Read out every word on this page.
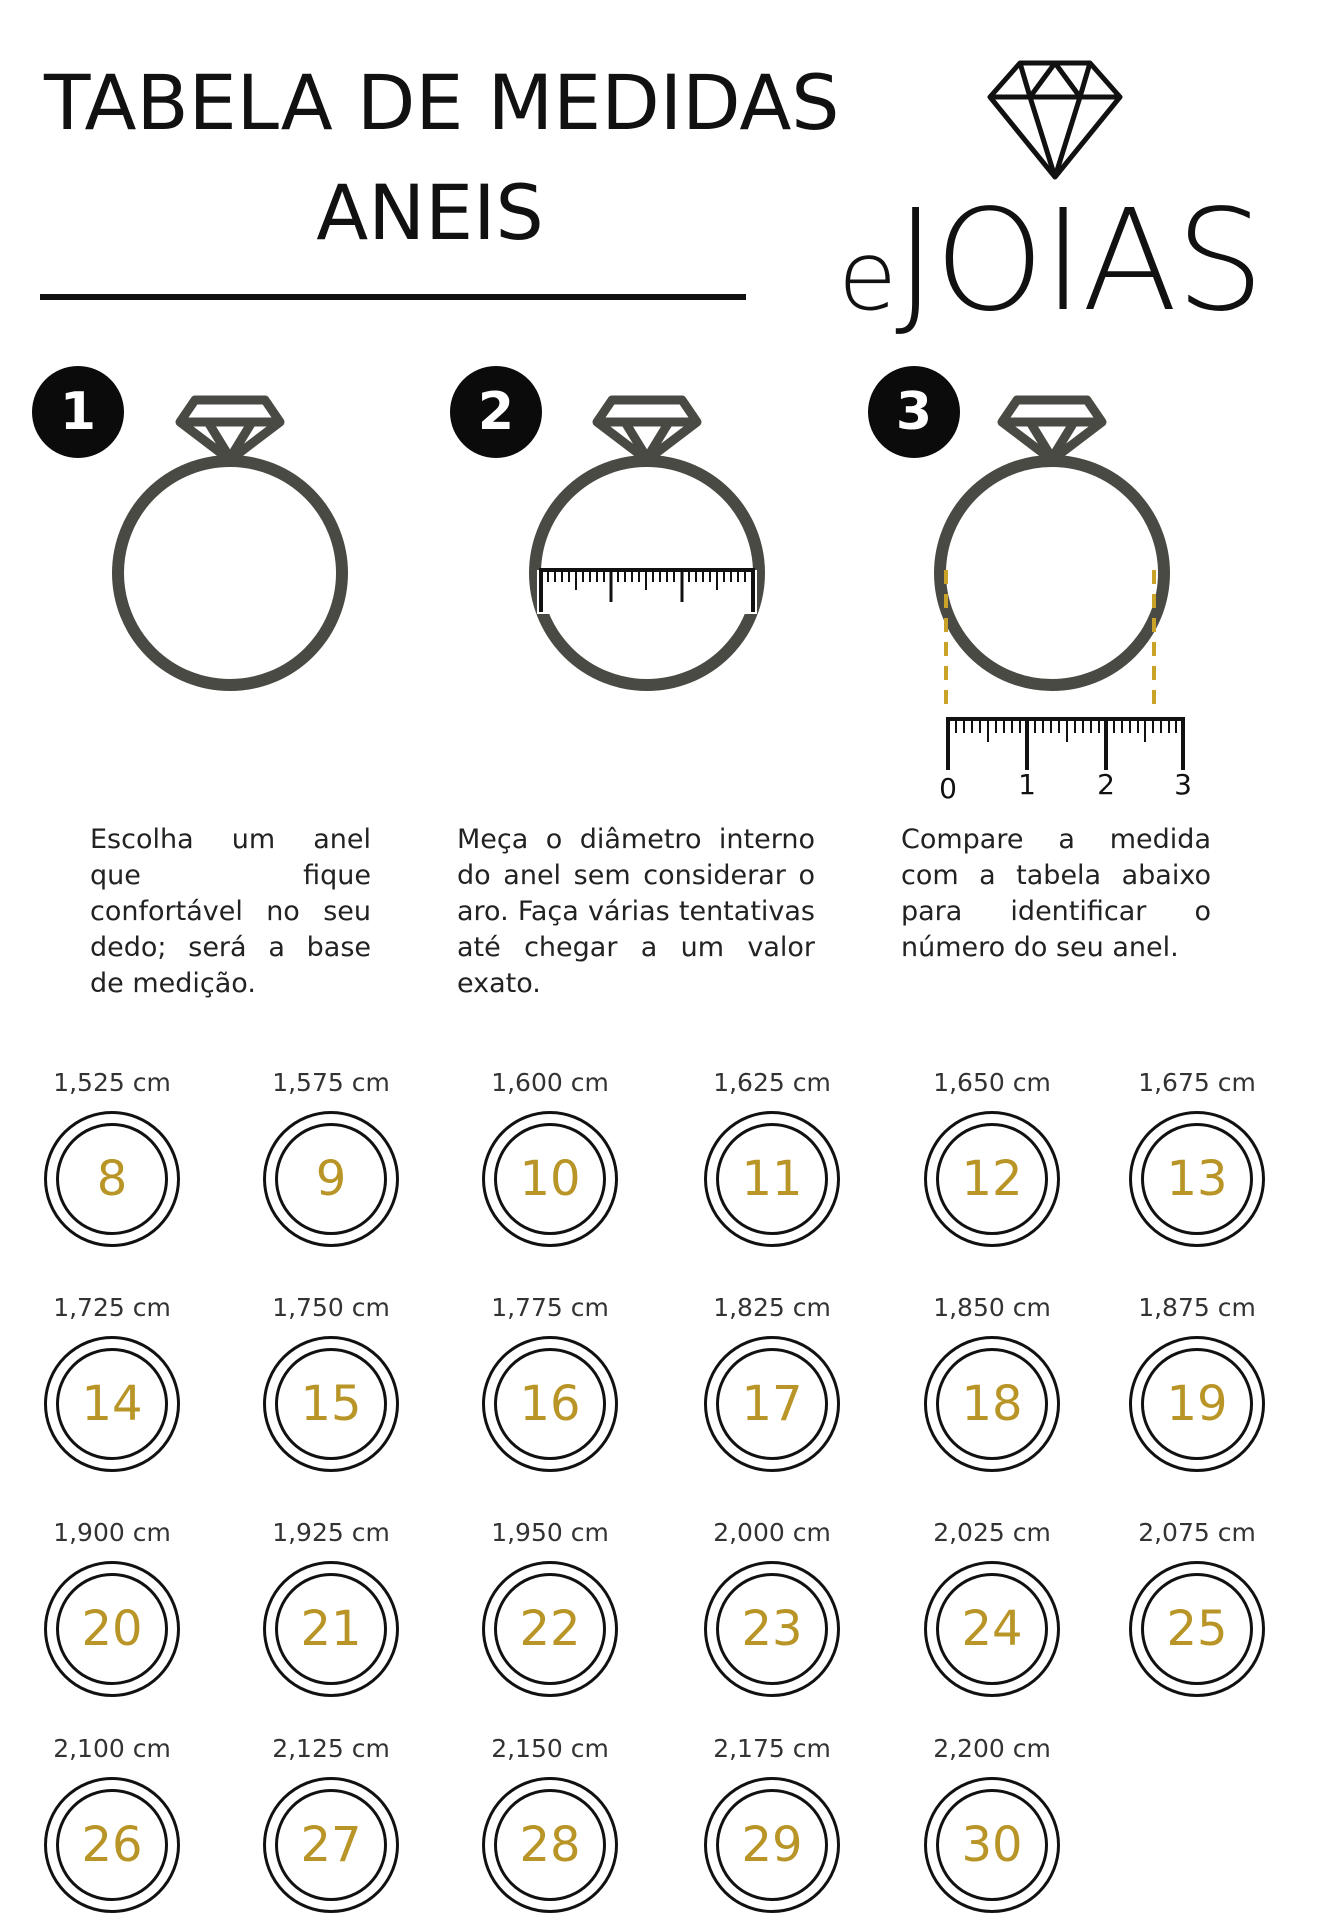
TABELA DE MEDIDAS
ANEIS
eJOIAS
1	2	3
0 1 2 3
Escolha um anel que fique confortável no seu dedo; será a base de medição.
Meça o diâmetro interno do anel sem considerar o aro. Faça várias tentativas até chegar a um valor exato.
Compare a medida com a tabela abaixo para identificar o número do seu anel.
1,525 cm
8
1,575 cm
9
1,600 cm
10
1,625 cm
11
1,650 cm
12
1,675 cm
13
1,725 cm
14
1,750 cm
15
1,775 cm
16
1,825 cm
17
1,850 cm
18
1,875 cm
19
1,900 cm
20
1,925 cm
21
1,950 cm
22
2,000 cm
23
2,025 cm
24
2,075 cm
25
2,100 cm
26
2,125 cm
27
2,150 cm
28
2,175 cm
29
2,200 cm
30
